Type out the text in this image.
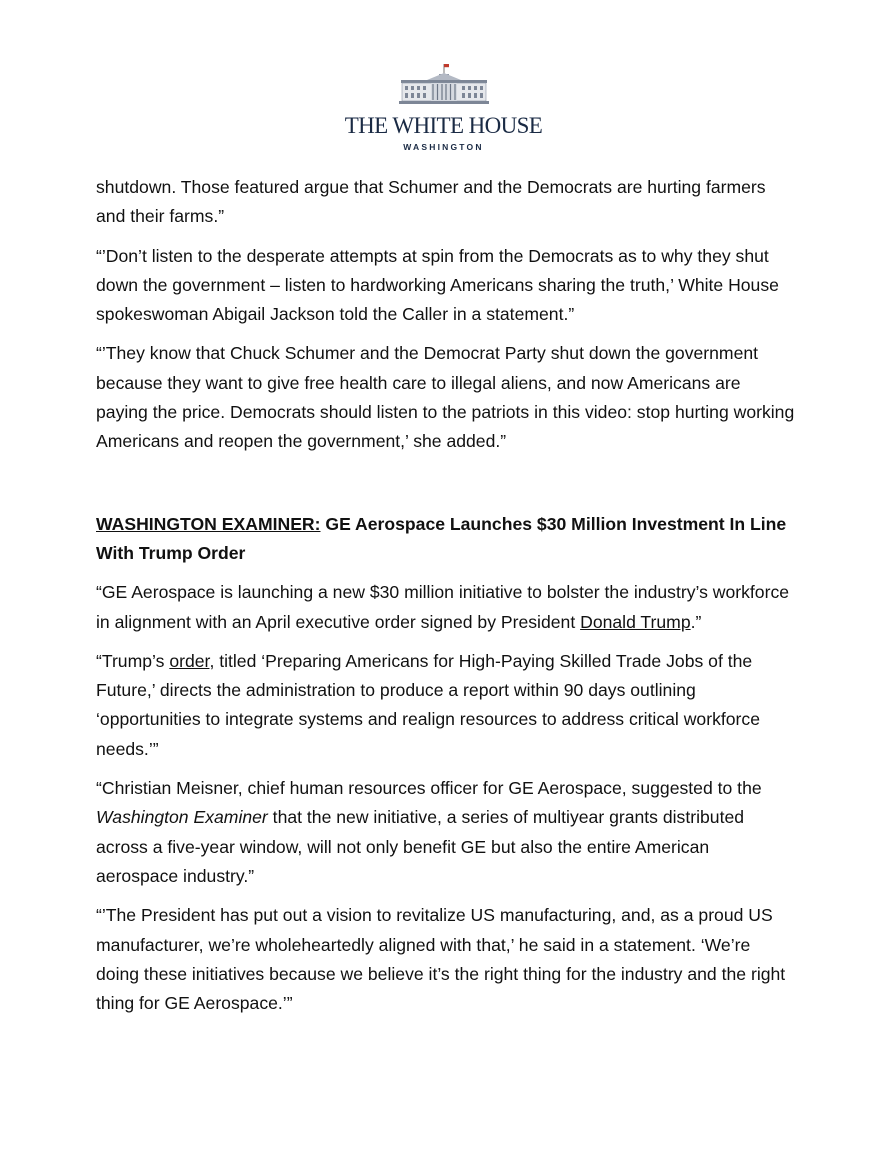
THE WHITE HOUSE
WASHINGTON

shutdown. Those featured argue that Schumer and the Democrats are hurting farmers and their farms.”

“’Don’t listen to the desperate attempts at spin from the Democrats as to why they shut down the government – listen to hardworking Americans sharing the truth,’ White House spokeswoman Abigail Jackson told the Caller in a statement.”

“’They know that Chuck Schumer and the Democrat Party shut down the government because they want to give free health care to illegal aliens, and now Americans are paying the price. Democrats should listen to the patriots in this video: stop hurting working Americans and reopen the government,’ she added.”

WASHINGTON EXAMINER: GE Aerospace Launches $30 Million Investment In Line With Trump Order

“GE Aerospace is launching a new $30 million initiative to bolster the industry’s workforce in alignment with an April executive order signed by President Donald Trump.”

“Trump’s order, titled ‘Preparing Americans for High-Paying Skilled Trade Jobs of the Future,’ directs the administration to produce a report within 90 days outlining ‘opportunities to integrate systems and realign resources to address critical workforce needs.’”

“Christian Meisner, chief human resources officer for GE Aerospace, suggested to the Washington Examiner that the new initiative, a series of multiyear grants distributed across a five-year window, will not only benefit GE but also the entire American aerospace industry.”

“’The President has put out a vision to revitalize US manufacturing, and, as a proud US manufacturer, we’re wholeheartedly aligned with that,’ he said in a statement. ‘We’re doing these initiatives because we believe it’s the right thing for the industry and the right thing for GE Aerospace.’”
